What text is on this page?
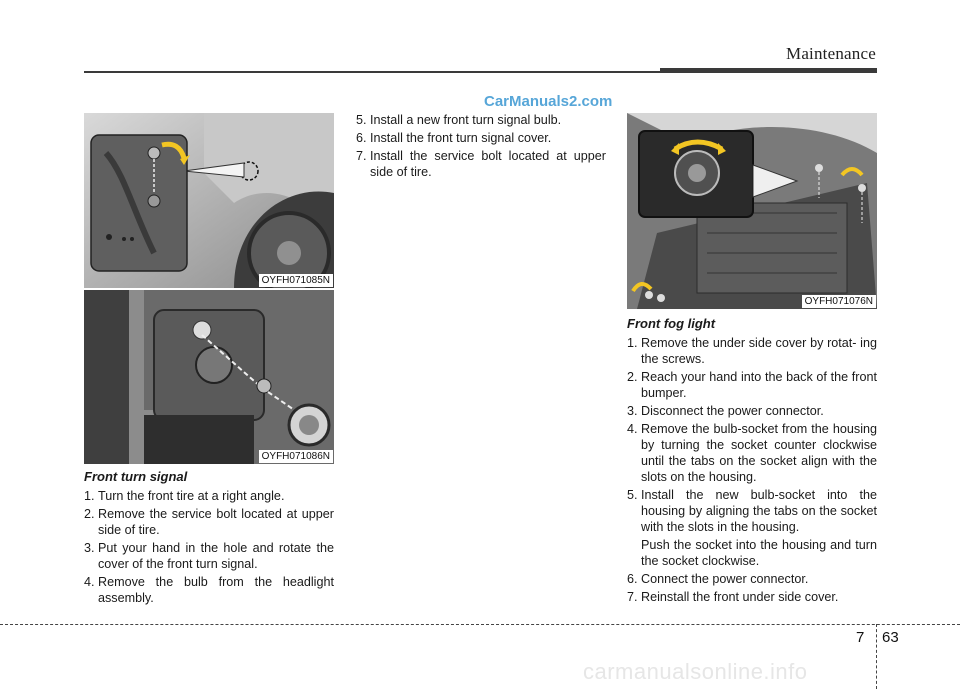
Maintenance
CarManuals2.com
OYFH071085N
OYFH071086N
OYFH071076N
Front turn signal
1. Turn the front tire at a right angle.
2. Remove the service bolt located at upper side of tire.
3. Put your hand in the hole and rotate the cover of the front turn signal.
4. Remove the bulb from the headlight assembly.
5. Install a new front turn signal bulb.
6. Install the front turn signal cover.
7. Install the service bolt located at upper side of tire.
Front fog light
1. Remove the under side cover by rotat- ing the screws.
2. Reach your hand into the back of the front bumper.
3. Disconnect the power connector.
4. Remove the bulb-socket from the housing by turning the socket counter clockwise until the tabs on the socket align with the slots on the housing.
5. Install the new bulb-socket into the housing by aligning the tabs on the socket with the slots in the housing.
Push the socket into the housing and turn the socket clockwise.
6. Connect the power connector.
7. Reinstall the front under side cover.
7 63
carmanualsonline.info
